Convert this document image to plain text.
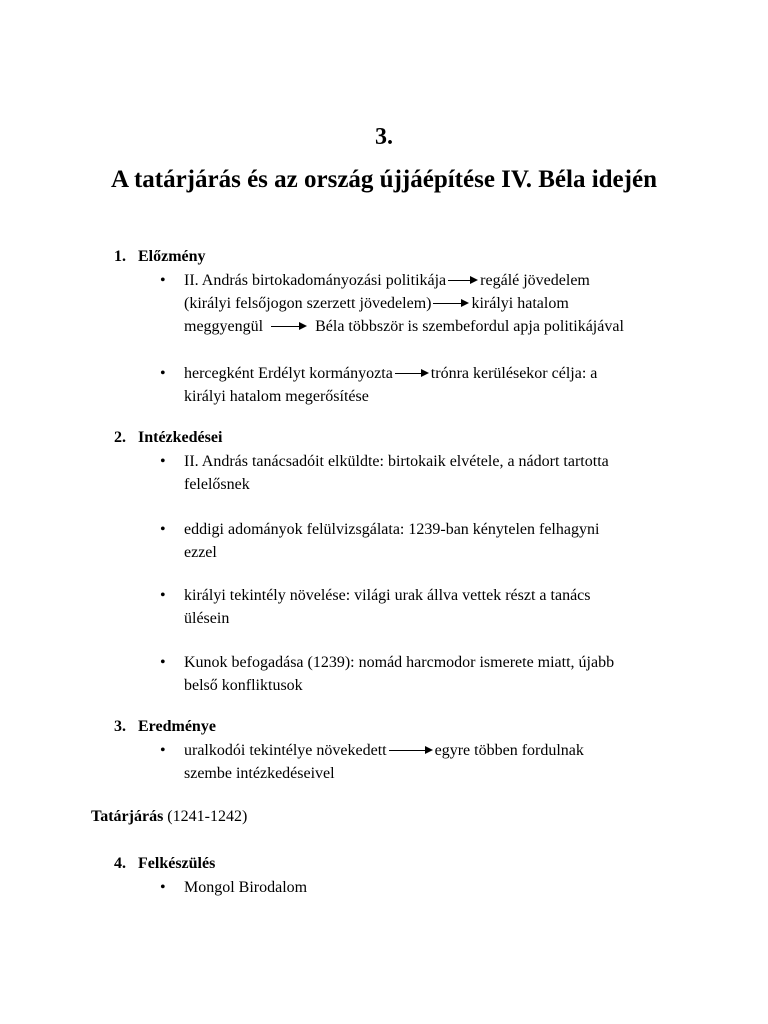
3.
A tatárjárás és az ország újjáépítése IV. Béla idején
1. Előzmény
• II. András birtokadományozási politikája regálé jövedelem
(királyi felsőjogon szerzett jövedelem)	királyi hatalom
meggyengül	Béla többször is szembefordul apja politikájával
• hercegként Erdélyt kormányozta trónra kerülésekor célja: a
királyi hatalom megerősítése
2. Intézkedései
• II. András tanácsadóit elküldte: birtokaik elvétele, a nádort tartotta
felelősnek
• eddigi adományok felülvizsgálata: 1239-ban kénytelen felhagyni
ezzel
• királyi tekintély növelése: világi urak állva vettek részt a tanács
ülésein
• Kunok befogadása (1239): nomád harcmodor ismerete miatt, újabb
belső konfliktusok
3. Eredménye
• uralkodói tekintélye növekedett	egyre többen fordulnak
szembe intézkedéseivel
Tatárjárás (1241-1242)
4. Felkészülés
• Mongol Birodalom
